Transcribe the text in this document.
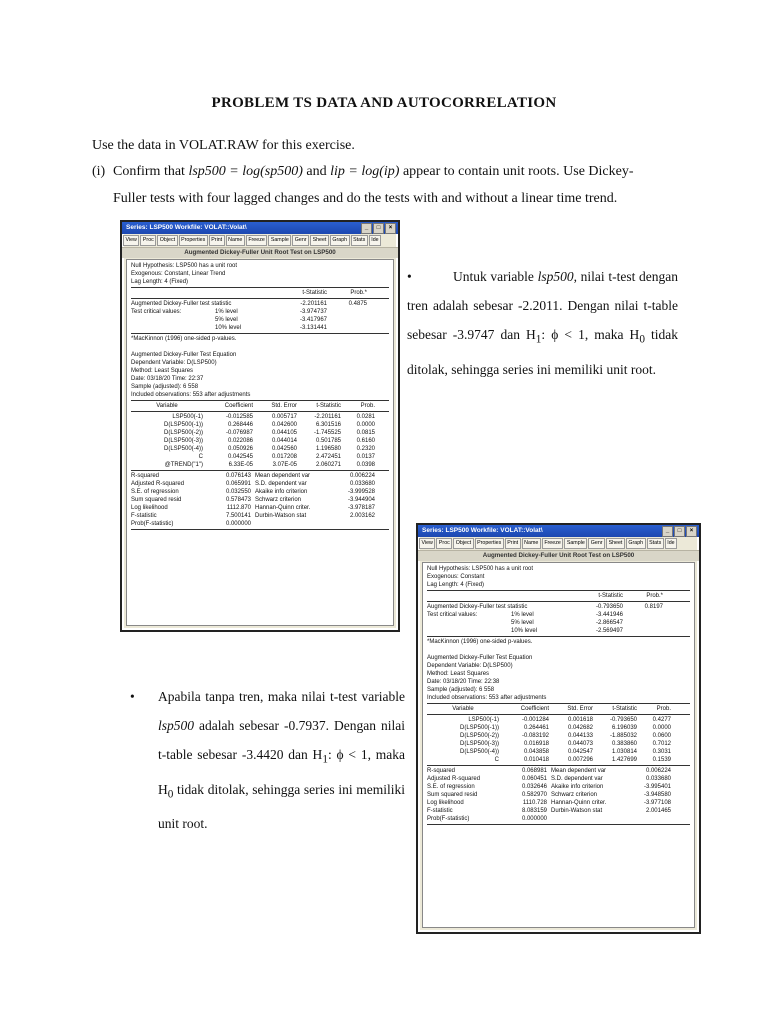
PROBLEM TS DATA AND AUTOCORRELATION
Use the data in VOLAT.RAW for this exercise.
(i) Confirm that lsp500 = log(sp500) and lip = log(ip) appear to contain unit roots. Use Dickey-
Fuller tests with four lagged changes and do the tests with and without a linear time trend.
•	Untuk variable lsp500, nilai t-test dengan tren adalah sebesar -2.2011. Dengan nilai t-table sebesar -3.9747 dan $H_1$: ϕ < 1, maka $H_0$ tidak ditolak, sehingga series ini memiliki unit root.
•	Apabila tanpa tren, maka nilai t-test variable lsp500 adalah sebesar -0.7937. Dengan nilai t-table sebesar -3.4420 dan $H_1$: ϕ < 1, maka $H_0$ tidak ditolak, sehingga series ini memiliki unit root.
Series: LSP500 Workfile: VOLAT::Volat\	_	□	×
View	Proc	Object	Properties	Print	Name	Freeze	Sample	Genr	Sheet	Graph	Stats	Ide
Augmented Dickey-Fuller Unit Root Test on LSP500
Null Hypothesis: LSP500 has a unit root
Exogenous: Constant, Linear Trend
Lag Length: 4 (Fixed)
t-Statistic	Prob.*
Augmented Dickey-Fuller test statistic	-2.201161	0.4875
Test critical values:	1% level	-3.974737
5% level	-3.417967
10% level	-3.131441
*MacKinnon (1996) one-sided p-values.
Augmented Dickey-Fuller Test Equation
Dependent Variable: D(LSP500)
Method: Least Squares
Date: 03/18/20 Time: 22:37
Sample (adjusted): 6 558
Included observations: 553 after adjustments
Variable	Coefficient	Std. Error	t-Statistic	Prob.
LSP500(-1)	-0.012585	0.005717	-2.201161	0.0281
D(LSP500(-1))	0.268446	0.042600	6.301516	0.0000
D(LSP500(-2))	-0.076987	0.044105	-1.745525	0.0815
D(LSP500(-3))	0.022086	0.044014	0.501785	0.6160
D(LSP500(-4))	0.050926	0.042560	1.196580	0.2320
C	0.042545	0.017208	2.472451	0.0137
@TREND("1")	6.33E-05	3.07E-05	2.060271	0.0398
R-squared	0.076143 Mean dependent var	0.006224
Adjusted R-squared	0.065991 S.D. dependent var	0.033680
S.E. of regression	0.032550 Akaike info criterion	-3.999528
Sum squared resid	0.578473 Schwarz criterion	-3.944904
Log likelihood	1112.870 Hannan-Quinn criter.	-3.978187
F-statistic	7.500141 Durbin-Watson stat	2.003162
Prob(F-statistic)	0.000000
Series: LSP500 Workfile: VOLAT::Volat\	_	□	×
View	Proc	Object	Properties	Print	Name	Freeze	Sample	Genr	Sheet	Graph	Stats	Ide
Augmented Dickey-Fuller Unit Root Test on LSP500
Null Hypothesis: LSP500 has a unit root
Exogenous: Constant
Lag Length: 4 (Fixed)
t-Statistic	Prob.*
Augmented Dickey-Fuller test statistic	-0.793650	0.8197
Test critical values:	1% level	-3.441946
5% level	-2.866547
10% level	-2.569497
*MacKinnon (1996) one-sided p-values.
Augmented Dickey-Fuller Test Equation
Dependent Variable: D(LSP500)
Method: Least Squares
Date: 03/18/20 Time: 22:38
Sample (adjusted): 6 558
Included observations: 553 after adjustments
Variable	Coefficient	Std. Error	t-Statistic	Prob.
LSP500(-1)	-0.001284	0.001618	-0.793650	0.4277
D(LSP500(-1))	0.264461	0.042682	6.196039	0.0000
D(LSP500(-2))	-0.083192	0.044133	-1.885032	0.0600
D(LSP500(-3))	0.016918	0.044073	0.383860	0.7012
D(LSP500(-4))	0.043858	0.042547	1.030814	0.3031
C	0.010418	0.007296	1.427699	0.1539
R-squared	0.068981 Mean dependent var	0.006224
Adjusted R-squared	0.060451 S.D. dependent var	0.033680
S.E. of regression	0.032646 Akaike info criterion	-3.995401
Sum squared resid	0.582970 Schwarz criterion	-3.948580
Log likelihood	1110.728 Hannan-Quinn criter.	-3.977108
F-statistic	8.083159 Durbin-Watson stat	2.001465
Prob(F-statistic)	0.000000
